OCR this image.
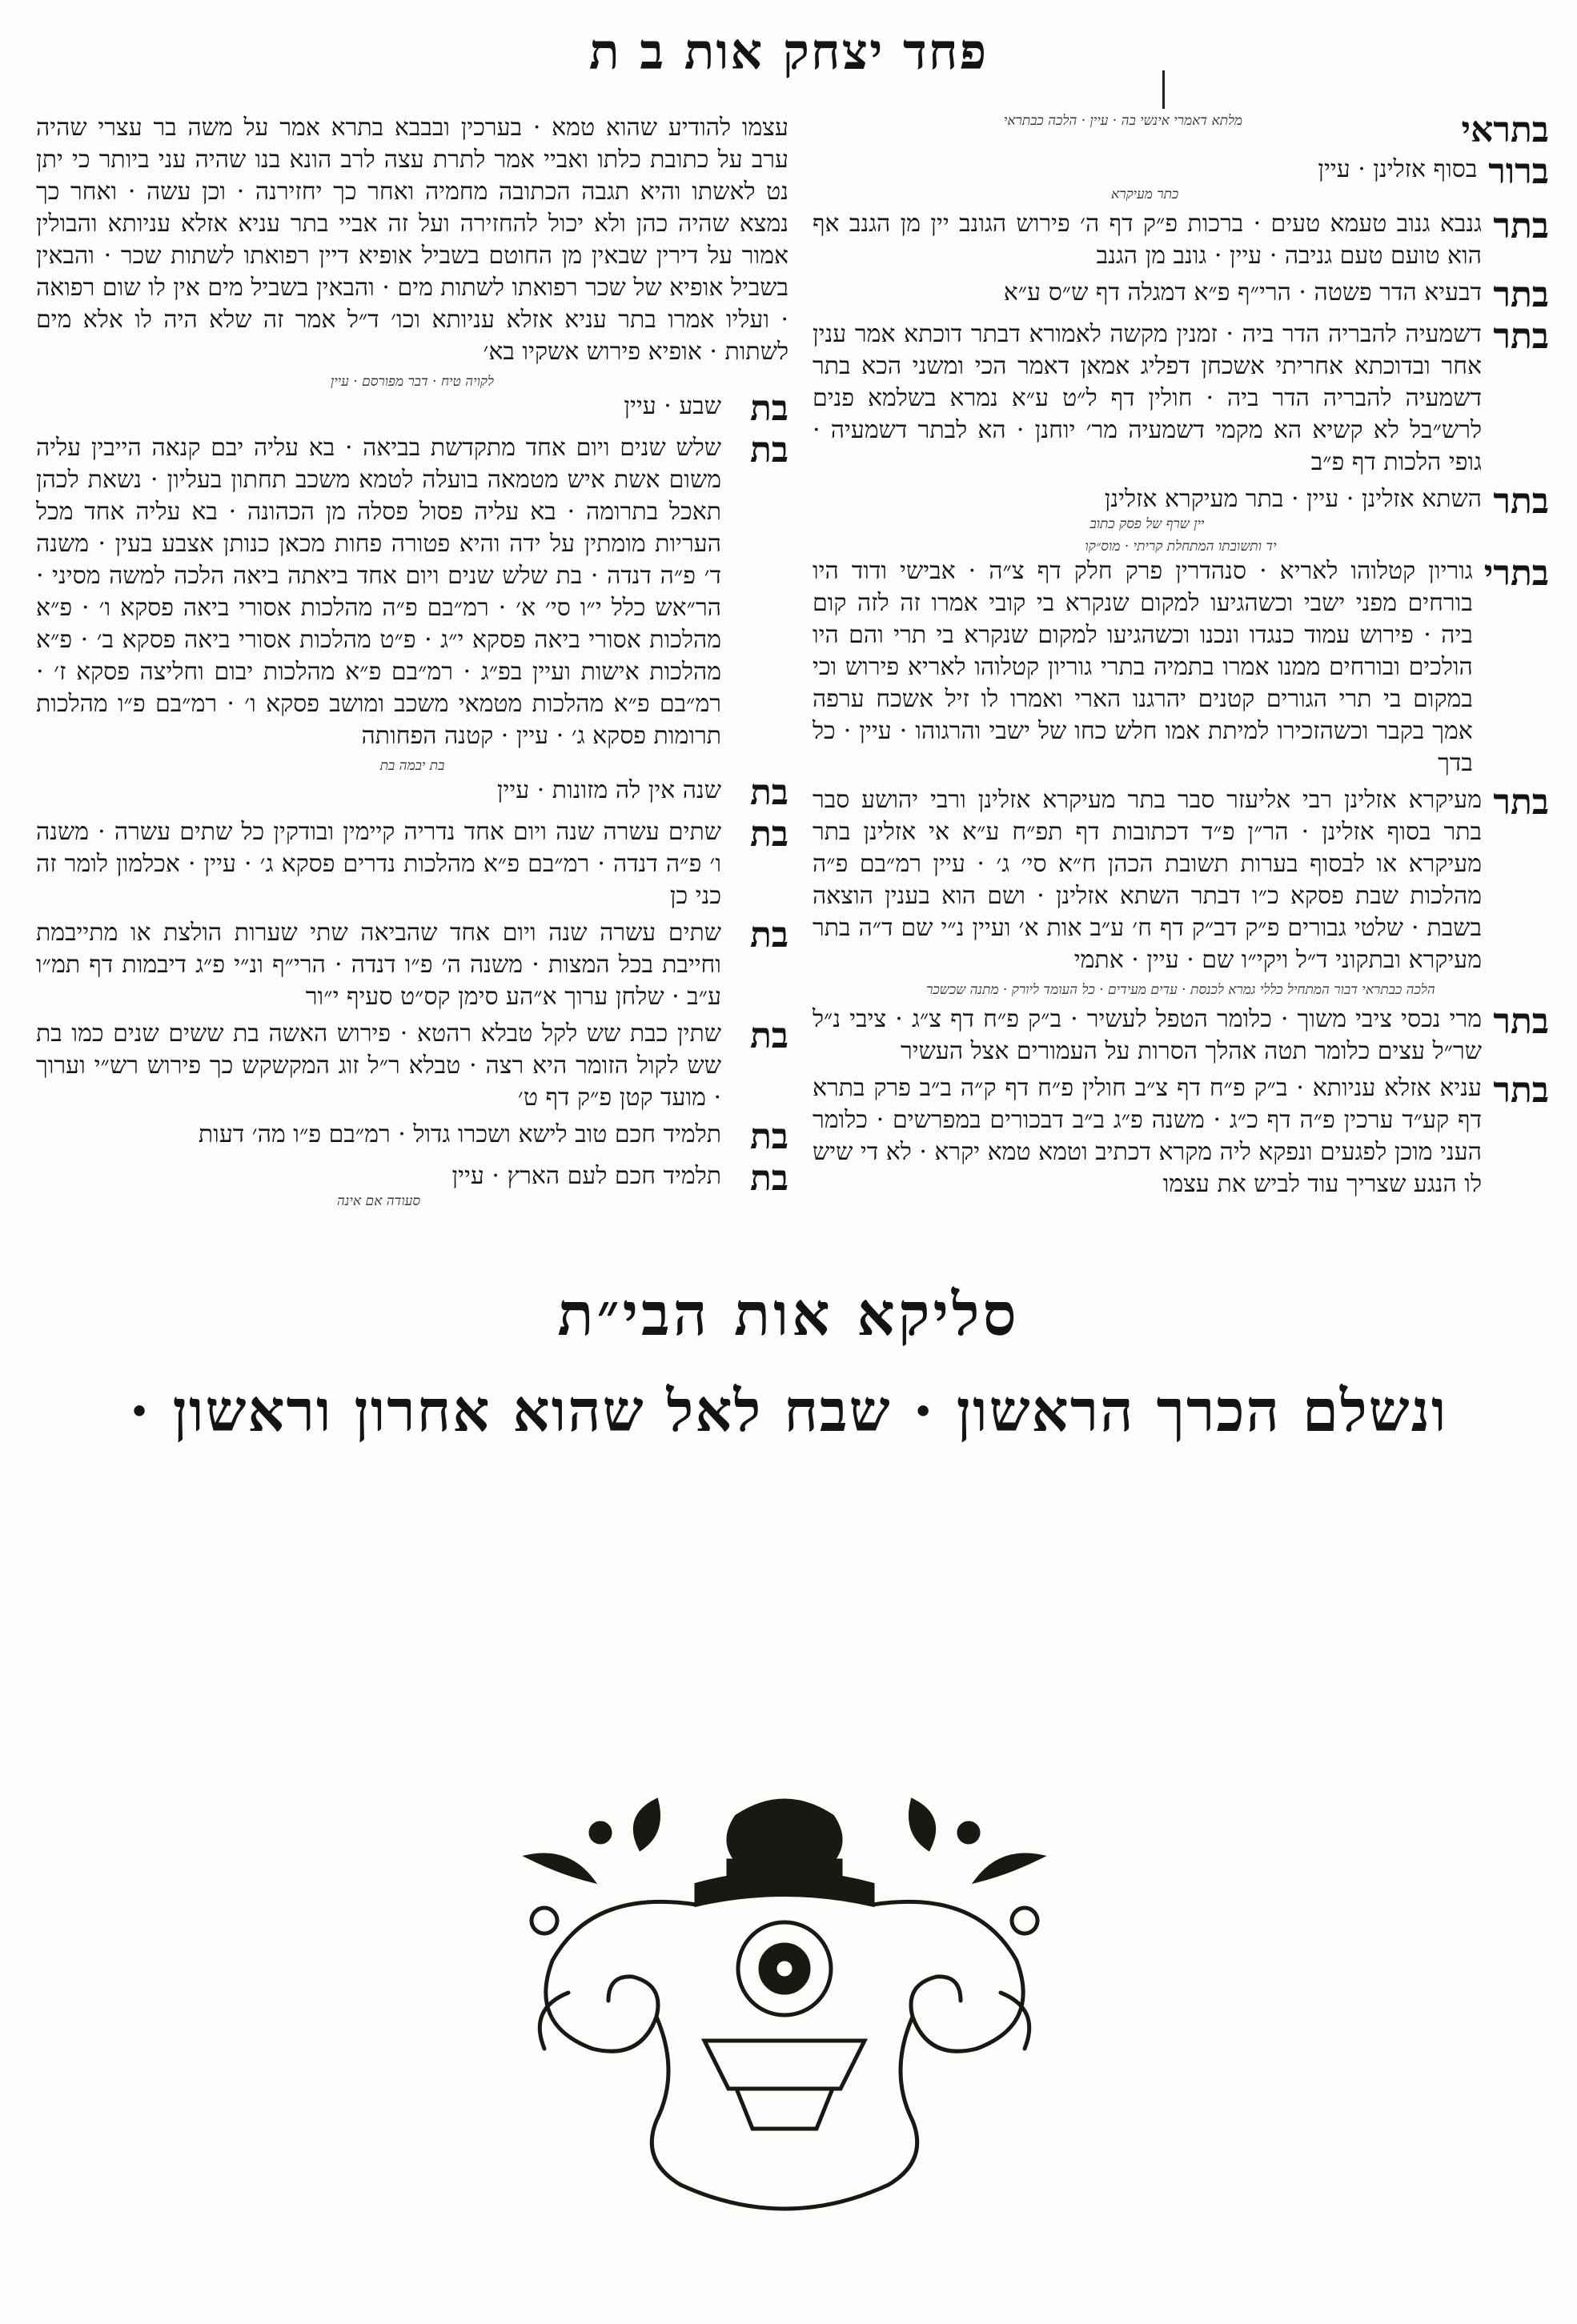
פחד יצחק אות ב ת
בתראי
מלתא דאמרי אינשי בה · עיין · הלכה כבתראי
ברור
בסוף אזלינן · עיין
כתר מעיקרא
בתר
גנבא גנוב טעמא טעים · ברכות פ״ק דף ה׳ פירוש הגונב יין מן הגנב אף הוא טועם טעם גניבה · עיין · גונב מן הגנב
בתר
דבעיא הדר פשטה · הרי״ף פ״א דמגלה דף ש״ס ע״א
בתר
דשמעיה להבריה הדר ביה · זמנין מקשה לאמורא דבתר דוכתא אמר ענין אחר ובדוכתא אחריתי אשכחן דפליג אמאן דאמר הכי ומשני הכא בתר דשמעיה להבריה הדר ביה · חולין דף ל״ט ע״א נמרא בשלמא פנים לרש״בל לא קשיא הא מקמי דשמעיה מר׳ יוחנן · הא לבתר דשמעיה · גופי הלכות דף פ״ב
בתר
השתא אזלינן · עיין · בתר מעיקרא אזלינן
יין שרף של פסק כתוב
יד ותשובתו המתחלת קריתי · מוס״קו
בתרי
גוריון קטלוהו לאריא · סנהדרין פרק חלק דף צ״ה · אבישי ודוד היו בורחים מפני ישבי וכשהגיעו למקום שנקרא בי קובי אמרו זה לזה קום ביה · פירוש עמוד כנגדו ונכנו וכשהגיעו למקום שנקרא בי תרי והם היו הולכים ובורחים ממנו אמרו בתמיה בתרי גוריון קטלוהו לאריא פירוש וכי במקום בי תרי הגורים קטנים יהרגנו הארי ואמרו לו זיל אשכח ערפה אמך בקבר וכשהזכירו למיתת אמו חלש כחו של ישבי והרגוהו · עיין · כל בדך
בתר
מעיקרא אזלינן רבי אליעזר סבר בתר מעיקרא אזלינן ורבי יהושע סבר בתר בסוף אזלינן · הר״ן פ״ד דכתובות דף תפ״ח ע״א אי אזלינן בתר מעיקרא או לבסוף בערות תשובת הכהן ח״א סי׳ ג׳ · עיין רמ״בם פ״ה מהלכות שבת פסקא כ״ו דבתר השתא אזלינן · ושם הוא בענין הוצאה בשבת · שלטי גבורים פ״ק דב״ק דף ח׳ ע״ב אות א׳ ועיין נ״י שם ד״ה בתר מעיקרא ובתקוני ד״ל ויקי״ו שם · עיין · אתמי
הלכה כבתראי דבור המתחיל כללי גמרא לכנסת · עדים מעידים · כל העומד ליורק · מתנה שכשכר
בתר
מרי נכסי ציבי משוך · כלומר הטפל לעשיר · ב״ק פ״ח דף צ״ג · ציבי נ״ל שר״ל עצים כלומר תטה אהלך הסרות על העמורים אצל העשיר
בתר
עניא אזלא עניותא · ב״ק פ״ח דף צ״ב חולין פ״ח דף ק״ה ב״ב פרק בתרא דף קע״ד ערכין פ״ה דף כ״ג · משנה פ״ג ב״ב דבכורים במפרשים · כלומר העני מוכן לפגעים ונפקא ליה מקרא דכתיב וטמא טמא יקרא · לא די שיש לו הנגע שצריך עוד לביש את עצמו

עצמו להודיע שהוא טמא · בערכין ובבבא בתרא אמר על משה בר עצרי שהיה ערב על כתובת כלתו ואביי אמר לתרת עצה לרב הונא בנו שהיה עני ביותר כי יתן נט לאשתו והיא תגבה הכתובה מחמיה ואחר כך יחזירנה · וכן עשה · ואחר כך נמצא שהיה כהן ולא יכול להחזירה ועל זה אביי בתר עניא אזלא עניותא והבולין אמור על דירין שבאין מן החוטם בשביל אופיא דיין רפואתו לשתות שכר · והבאין בשביל אופיא של שכר רפואתו לשתות מים · והבאין בשביל מים אין לו שום רפואה · ועליו אמרו בתר עניא אזלא עניותא וכו׳ ד״ל אמר זה שלא היה לו אלא מים לשתות · אופיא פירוש אשקיו בא׳

לקויה טיח · דבר מפורסם · עיין
בת
שבע · עיין
בת
שלש שנים ויום אחד מתקדשת בביאה · בא עליה יבם קנאה הייבין עליה משום אשת איש מטמאה בועלה לטמא משכב תחתון בעליון · נשאת לכהן תאכל בתרומה · בא עליה פסול פסלה מן הכהונה · בא עליה אחד מכל העריות מומתין על ידה והיא פטורה פחות מכאן כנותן אצבע בעין · משנה ד׳ פ״ה דנדה · בת שלש שנים ויום אחד ביאתה ביאה הלכה למשה מסיני · הר״אש כלל י״ו סי׳ א׳ · רמ״בם פ״ה מהלכות אסורי ביאה פסקא ו׳ · פ״א מהלכות אסורי ביאה פסקא י״ג · פ״ט מהלכות אסורי ביאה פסקא ב׳ · פ״א מהלכות אישות ועיין בפ״ג · רמ״בם פ״א מהלכות יבום וחליצה פסקא ז׳ · רמ״בם פ״א מהלכות מטמאי משכב ומושב פסקא ו׳ · רמ״בם פ״ו מהלכות תרומות פסקא ג׳ · עיין · קטנה הפחותה
בת יבמה בת
בת
שנה אין לה מזונות · עיין
בת
שתים עשרה שנה ויום אחד נדריה קיימין ובודקין כל שתים עשרה · משנה ו׳ פ״ה דנדה · רמ״בם פ״א מהלכות נדרים פסקא ג׳ · עיין · אכלמון לומר זה כני כן
בת
שתים עשרה שנה ויום אחד שהביאה שתי שערות הולצת או מתייבמת וחייבת בכל המצות · משנה ה׳ פ״ו דנדה · הרי״ף ונ״י פ״ג דיבמות דף תמ״ו ע״ב · שלחן ערוך א״הע סימן קס״ט סעיף י״ור
בת
שתין כבת שש לקל טבלא רהטא · פירוש האשה בת ששים שנים כמו בת שש לקול הזומר היא רצה · טבלא ר״ל זוג המקשקש כך פירוש רש״י וערוך · מועד קטן פ״ק דף ט׳
בת
תלמיד חכם טוב לישא ושכרו גדול · רמ״בם פ״ו מה׳ דעות
בת
תלמיד חכם לעם הארץ · עיין
סעודה אם אינה
סליקא אות הבי״ת
ונשלם הכרך הראשון · שבח לאל שהוא אחרון וראשון ·
